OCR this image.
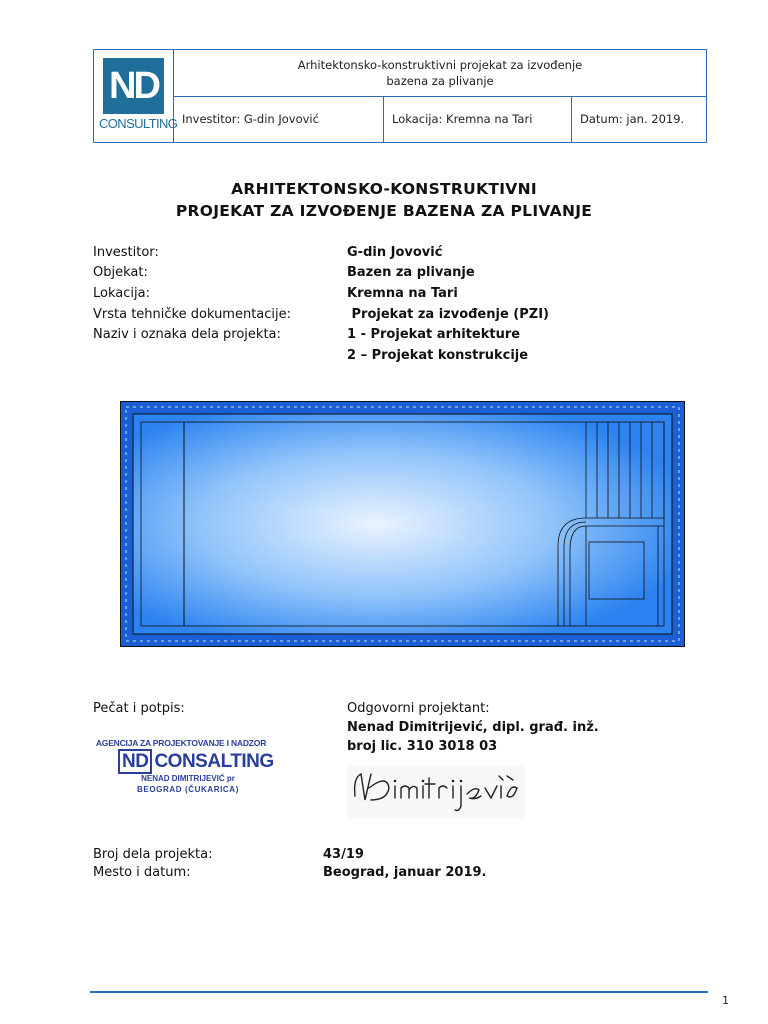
ND
CONSULTING
Arhitektonsko-konstruktivni projekat za izvođenje
bazena za plivanje
Investitor: G-din Jovović	Lokacija: Kremna na Tari	Datum: jan. 2019.
ARHITEKTONSKO-KONSTRUKTIVNI
PROJEKAT ZA IZVOĐENJE BAZENA ZA PLIVANJE
Investitor:	G-din Jovović
Objekat:	Bazen za plivanje
Lokacija:	Kremna na Tari
Vrsta tehničke dokumentacije:	Projekat za izvođenje (PZI)
Naziv i oznaka dela projekta:	1 - Projekat arhitekture
2 – Projekat konstrukcije
Pečat i potpis:	Odgovorni projektant:
Nenad Dimitrijević, dipl. građ. inž.
broj lic. 310 3018 03
AGENCIJA ZA PROJEKTOVANJE I NADZOR
ND CONSALTING
NENAD DIMITRIJEVIĆ pr
BEOGRAD (ČUKARICA)
Broj dela projekta:	43/19
Mesto i datum:	Beograd, januar 2019.
1
